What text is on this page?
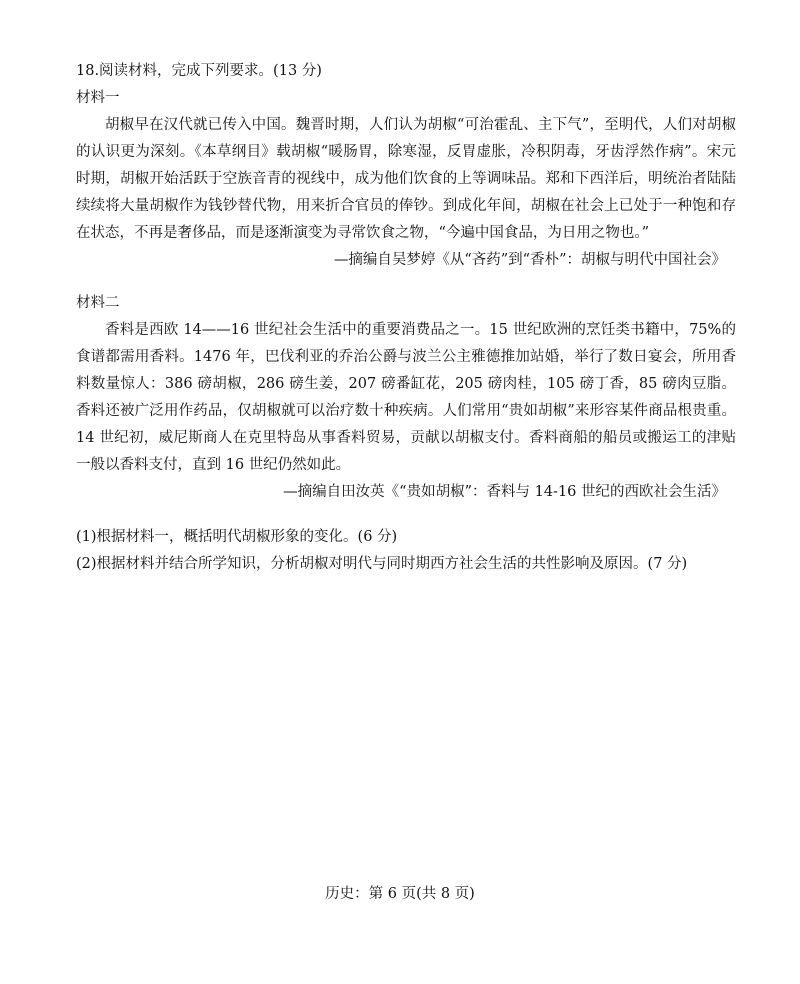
18.阅读材料，完成下列要求。(13 分)
材料一

胡椒早在汉代就已传入中国。魏晋时期，人们认为胡椒“可治霍乱、主下气”，至明代，人们对胡椒的认识更为深刻。《本草纲目》载胡椒“暖肠胃，除寒湿，反胃虚胀，冷积阴毒，牙齿浮然作病”。宋元时期，胡椒开始活跃于空族音青的视线中，成为他们饮食的上等调味品。郑和下西洋后，明统治者陆陆续续将大量胡椒作为钱钞替代物，用来折合官员的俸钞。到成化年间，胡椒在社会上已处于一种饱和存在状态，不再是奢侈品，而是逐渐演变为寻常饮食之物，“今遍中国食品，为日用之物也。”

—摘编自吴梦婷《从“吝药”到“香朴”：胡椒与明代中国社会》
材料二

香料是西欧 14——16 世纪社会生活中的重要消费品之一。15 世纪欧洲的烹饪类书籍中，75%的食谱都需用香料。1476 年，巴伐利亚的乔治公爵与波兰公主雅德推加站婚，举行了数日宴会，所用香料数量惊人：386 磅胡椒，286 磅生姜，207 磅番缸花，205 磅肉桂，105 磅丁香，85 磅肉豆脂。香料还被广泛用作药品，仅胡椒就可以治疗数十种疾病。人们常用“贵如胡椒”来形容某件商品根贵重。14 世纪初，威尼斯商人在克里特岛从事香料贸易，贡献以胡椒支付。香料商船的船员或搬运工的津贴一般以香料支付，直到 16 世纪仍然如此。

—摘编自田汝英《“贵如胡椒”：香料与 14-16 世纪的西欧社会生活》
(1)根据材料一，概括明代胡椒形象的变化。(6 分)
(2)根据材料并结合所学知识，分析胡椒对明代与同时期西方社会生活的共性影响及原因。(7 分)
历史：第 6 页(共 8 页)
